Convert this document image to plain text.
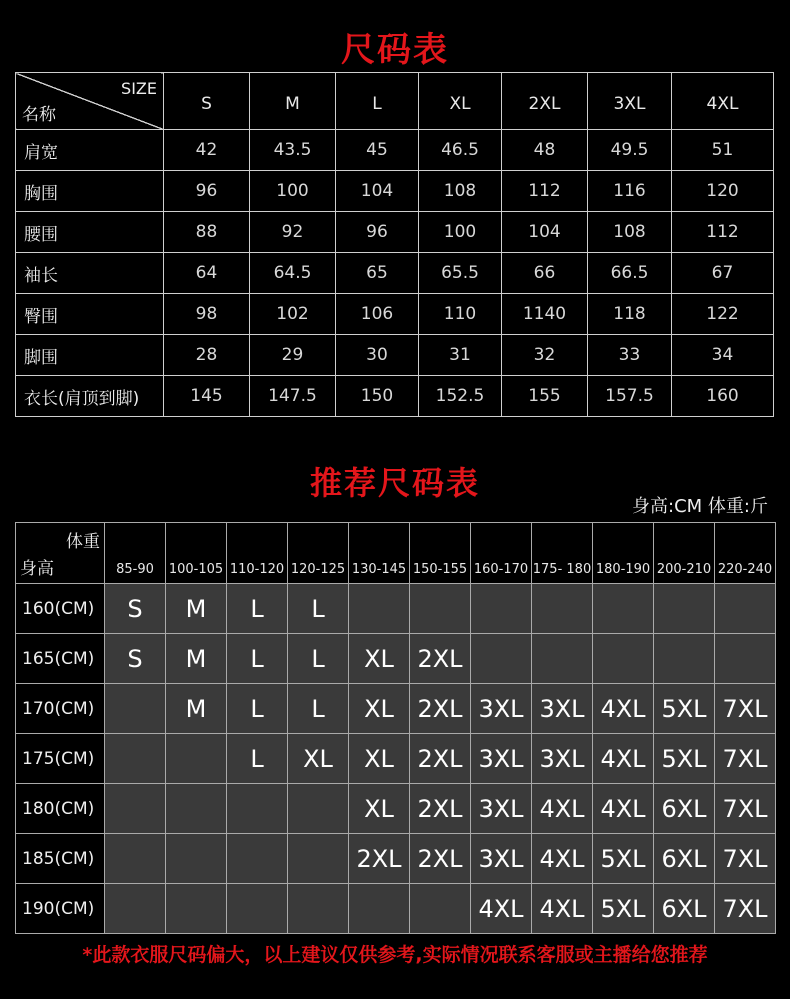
尺码表
SIZE
名称	S	M	L	XL	2XL	3XL	4XL
肩宽	42	43.5	45	46.5	48	49.5	51
胸围	96	100	104	108	112	116	120
腰围	88	92	96	100	104	108	112
袖长	64	64.5	65	65.5	66	66.5	67
臀围	98	102	106	110	1140	118	122
脚围	28	29	30	31	32	33	34
衣长(肩顶到脚)	145	147.5	150	152.5	155	157.5	160
身高:CM 体重:斤
推荐尺码表
体重
身高	85-90	100-105	110-120	120-125	130-145	150-155	160-170	175- 180	180-190	200-210	220-240
160(CM)	S	M	L	L							
165(CM)	S	M	L	L	XL	2XL					
170(CM)		M	L	L	XL	2XL	3XL	3XL	4XL	5XL	7XL
175(CM)			L	XL	XL	2XL	3XL	3XL	4XL	5XL	7XL
180(CM)					XL	2XL	3XL	4XL	4XL	6XL	7XL
185(CM)					2XL	2XL	3XL	4XL	5XL	6XL	7XL
190(CM)							4XL	4XL	5XL	6XL	7XL
*此款衣服尺码偏大，以上建议仅供参考,实际情况联系客服或主播给您推荐
